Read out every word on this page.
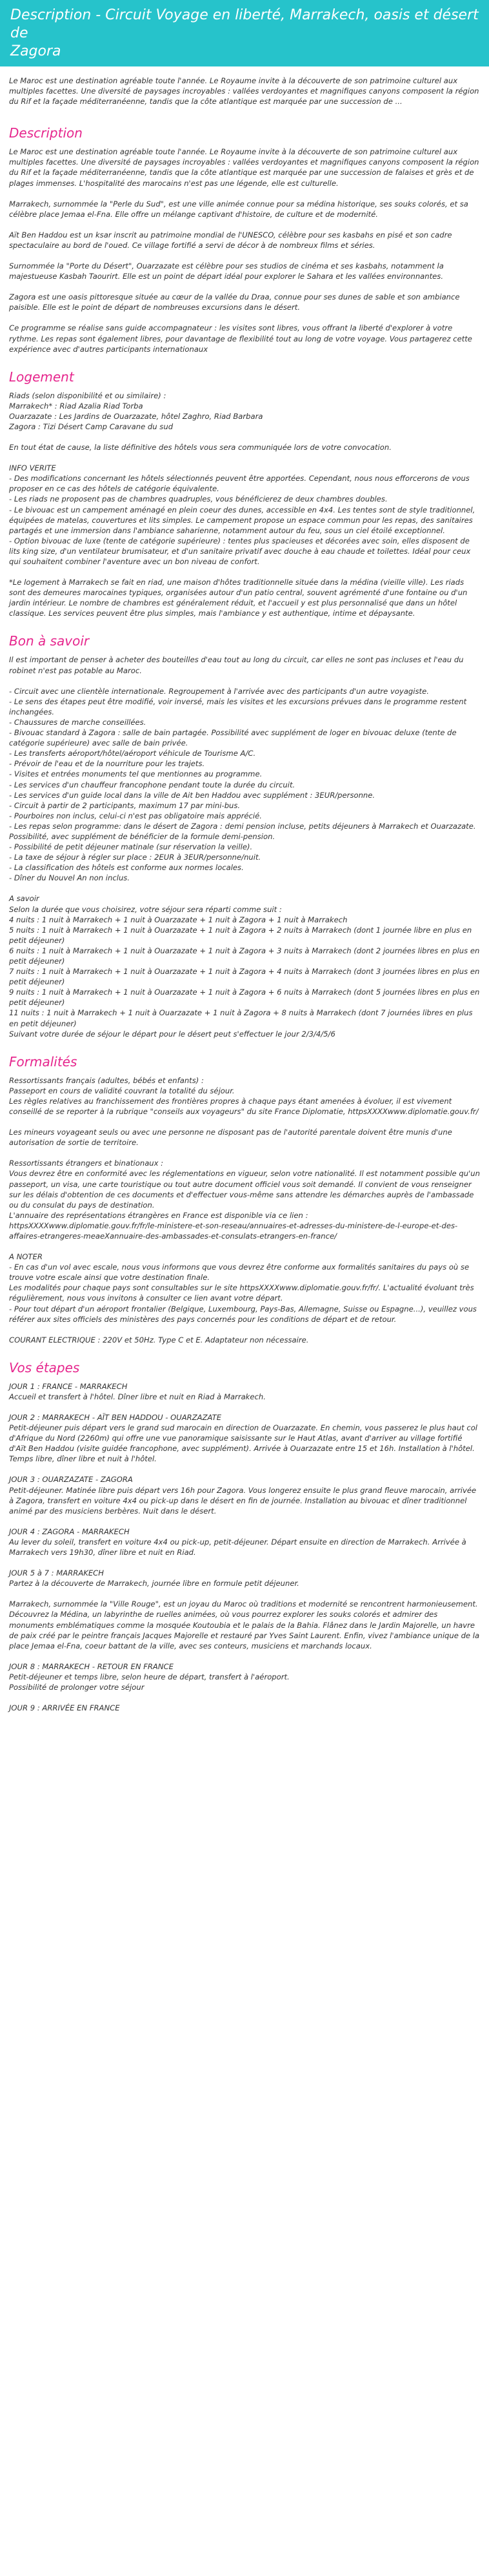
Description - Circuit Voyage en liberté, Marrakech, oasis et désert de
Zagora

Le Maroc est une destination agréable toute l'année. Le Royaume invite à la découverte de son patrimoine culturel aux multiples facettes. Une diversité de paysages incroyables : vallées verdoyantes et magnifiques canyons composent la région du Rif et la façade méditerranéenne, tandis que la côte atlantique est marquée par une succession de ...

Description
Le Maroc est une destination agréable toute l'année. Le Royaume invite à la découverte de son patrimoine culturel aux multiples facettes. Une diversité de paysages incroyables : vallées verdoyantes et magnifiques canyons composent la région du Rif et la façade méditerranéenne, tandis que la côte atlantique est marquée par une succession de falaises et grès et de plages immenses. L'hospitalité des marocains n'est pas une légende, elle est culturelle.
Marrakech, surnommée la "Perle du Sud", est une ville animée connue pour sa médina historique, ses souks colorés, et sa célèbre place Jemaa el-Fna. Elle offre un mélange captivant d'histoire, de culture et de modernité.
Aït Ben Haddou est un ksar inscrit au patrimoine mondial de l'UNESCO, célèbre pour ses kasbahs en pisé et son cadre spectaculaire au bord de l'oued. Ce village fortifié a servi de décor à de nombreux films et séries.
Surnommée la "Porte du Désert", Ouarzazate est célèbre pour ses studios de cinéma et ses kasbahs, notamment la majestueuse Kasbah Taourirt. Elle est un point de départ idéal pour explorer le Sahara et les vallées environnantes.
Zagora est une oasis pittoresque située au cœur de la vallée du Draa, connue pour ses dunes de sable et son ambiance paisible. Elle est le point de départ de nombreuses excursions dans le désert.
Ce programme se réalise sans guide accompagnateur : les visites sont libres, vous offrant la liberté d'explorer à votre rythme. Les repas sont également libres, pour davantage de flexibilité tout au long de votre voyage. Vous partagerez cette expérience avec d'autres participants internationaux
Logement
Riads (selon disponibilité et ou similaire) :
Marrakech* : Riad Azalia Riad Torba
Ouarzazate : Les Jardins de Ouarzazate, hôtel Zaghro, Riad Barbara
Zagora : Tizi Désert Camp Caravane du sud
En tout état de cause, la liste définitive des hôtels vous sera communiquée lors de votre convocation.
INFO VERITE
- Des modifications concernant les hôtels sélectionnés peuvent être apportées. Cependant, nous nous efforcerons de vous proposer en ce cas des hôtels de catégorie équivalente.
- Les riads ne proposent pas de chambres quadruples, vous bénéficierez de deux chambres doubles.
- Le bivouac est un campement aménagé en plein coeur des dunes, accessible en 4x4. Les tentes sont de style traditionnel, équipées de matelas, couvertures et lits simples. Le campement propose un espace commun pour les repas, des sanitaires partagés et une immersion dans l'ambiance saharienne, notamment autour du feu, sous un ciel étoilé exceptionnel.
- Option bivouac de luxe (tente de catégorie supérieure) : tentes plus spacieuses et décorées avec soin, elles disposent de lits king size, d'un ventilateur brumisateur, et d'un sanitaire privatif avec douche à eau chaude et toilettes. Idéal pour ceux qui souhaitent combiner l'aventure avec un bon niveau de confort.
*Le logement à Marrakech se fait en riad, une maison d'hôtes traditionnelle située dans la médina (vieille ville). Les riads sont des demeures marocaines typiques, organisées autour d'un patio central, souvent agrémenté d'une fontaine ou d'un jardin intérieur. Le nombre de chambres est généralement réduit, et l'accueil y est plus personnalisé que dans un hôtel classique. Les services peuvent être plus simples, mais l'ambiance y est authentique, intime et dépaysante.
Bon à savoir
Il est important de penser à acheter des bouteilles d'eau tout au long du circuit, car elles ne sont pas incluses et l'eau du robinet n'est pas potable au Maroc.
- Circuit avec une clientèle internationale. Regroupement à l'arrivée avec des participants d'un autre voyagiste.
- Le sens des étapes peut être modifié, voir inversé, mais les visites et les excursions prévues dans le programme restent inchangées.
- Chaussures de marche conseillées.
- Bivouac standard à Zagora : salle de bain partagée. Possibilité avec supplément de loger en bivouac deluxe (tente de catégorie supérieure) avec salle de bain privée.
- Les transferts aéroport/hôtel/aéroport véhicule de Tourisme A/C.
- Prévoir de l'eau et de la nourriture pour les trajets.
- Visites et entrées monuments tel que mentionnes au programme.
- Les services d'un chauffeur francophone pendant toute la durée du circuit.
- Les services d'un guide local dans la ville de Ait ben Haddou avec supplément : 3EUR/personne.
- Circuit à partir de 2 participants, maximum 17 par mini-bus.
- Pourboires non inclus, celui-ci n'est pas obligatoire mais apprécié.
- Les repas selon programme: dans le désert de Zagora : demi pension incluse, petits déjeuners à Marrakech et Ouarzazate. Possibilité, avec supplément de bénéficier de la formule demi-pension.
- Possibilité de petit déjeuner matinale (sur réservation la veille).
- La taxe de séjour à régler sur place : 2EUR à 3EUR/personne/nuit.
- La classification des hôtels est conforme aux normes locales.
- Dîner du Nouvel An non inclus.
A savoir
Selon la durée que vous choisirez, votre séjour sera réparti comme suit :
4 nuits : 1 nuit à Marrakech + 1 nuit à Ouarzazate + 1 nuit à Zagora + 1 nuit à Marrakech
5 nuits : 1 nuit à Marrakech + 1 nuit à Ouarzazate + 1 nuit à Zagora + 2 nuits à Marrakech (dont 1 journée libre en plus en petit déjeuner)
6 nuits : 1 nuit à Marrakech + 1 nuit à Ouarzazate + 1 nuit à Zagora + 3 nuits à Marrakech (dont 2 journées libres en plus en petit déjeuner)
7 nuits : 1 nuit à Marrakech + 1 nuit à Ouarzazate + 1 nuit à Zagora + 4 nuits à Marrakech (dont 3 journées libres en plus en petit déjeuner)
9 nuits : 1 nuit à Marrakech + 1 nuit à Ouarzazate + 1 nuit à Zagora + 6 nuits à Marrakech (dont 5 journées libres en plus en petit déjeuner)
11 nuits : 1 nuit à Marrakech + 1 nuit à Ouarzazate + 1 nuit à Zagora + 8 nuits à Marrakech (dont 7 journées libres en plus en petit déjeuner)
Suivant votre durée de séjour le départ pour le désert peut s'effectuer le jour 2/3/4/5/6
Formalités
Ressortissants français (adultes, bébés et enfants) :
Passeport en cours de validité couvrant la totalité du séjour.
Les règles relatives au franchissement des frontières propres à chaque pays étant amenées à évoluer, il est vivement conseillé de se reporter à la rubrique "conseils aux voyageurs" du site France Diplomatie, httpsXXXXwww.diplomatie.gouv.fr/
Les mineurs voyageant seuls ou avec une personne ne disposant pas de l'autorité parentale doivent être munis d'une autorisation de sortie de territoire.
Ressortissants étrangers et binationaux :
Vous devrez être en conformité avec les réglementations en vigueur, selon votre nationalité. Il est notamment possible qu'un passeport, un visa, une carte touristique ou tout autre document officiel vous soit demandé. Il convient de vous renseigner sur les délais d'obtention de ces documents et d'effectuer vous-même sans attendre les démarches auprès de l'ambassade ou du consulat du pays de destination.
L'annuaire des représentations étrangères en France est disponible via ce lien :
httpsXXXXwww.diplomatie.gouv.fr/fr/le-ministere-et-son-reseau/annuaires-et-adresses-du-ministere-de-l-europe-et-des-affaires-etrangeres-meaeXannuaire-des-ambassades-et-consulats-etrangers-en-france/
A NOTER
- En cas d'un vol avec escale, nous vous informons que vous devrez être conforme aux formalités sanitaires du pays où se trouve votre escale ainsi que votre destination finale.
Les modalités pour chaque pays sont consultables sur le site httpsXXXXwww.diplomatie.gouv.fr/fr/. L'actualité évoluant très régulièrement, nous vous invitons à consulter ce lien avant votre départ.
- Pour tout départ d'un aéroport frontalier (Belgique, Luxembourg, Pays-Bas, Allemagne, Suisse ou Espagne...), veuillez vous référer aux sites officiels des ministères des pays concernés pour les conditions de départ et de retour.
COURANT ELECTRIQUE : 220V et 50Hz. Type C et E. Adaptateur non nécessaire.
Vos étapes
JOUR 1 : FRANCE - MARRAKECH
Accueil et transfert à l'hôtel. Dîner libre et nuit en Riad à Marrakech.
JOUR 2 : MARRAKECH - AÏT BEN HADDOU - OUARZAZATE
Petit-déjeuner puis départ vers le grand sud marocain en direction de Ouarzazate. En chemin, vous passerez le plus haut col d'Afrique du Nord (2260m) qui offre une vue panoramique saisissante sur le Haut Atlas, avant d'arriver au village fortifié d'Aït Ben Haddou (visite guidée francophone, avec supplément). Arrivée à Ouarzazate entre 15 et 16h. Installation à l'hôtel. Temps libre, dîner libre et nuit à l'hôtel.
JOUR 3 : OUARZAZATE - ZAGORA
Petit-déjeuner. Matinée libre puis départ vers 16h pour Zagora. Vous longerez ensuite le plus grand fleuve marocain, arrivée à Zagora, transfert en voiture 4x4 ou pick-up dans le désert en fin de journée. Installation au bivouac et dîner traditionnel animé par des musiciens berbères. Nuit dans le désert.
JOUR 4 : ZAGORA - MARRAKECH
Au lever du soleil, transfert en voiture 4x4 ou pick-up, petit-déjeuner. Départ ensuite en direction de Marrakech. Arrivée à Marrakech vers 19h30, dîner libre et nuit en Riad.
JOUR 5 à 7 : MARRAKECH
Partez à la découverte de Marrakech, journée libre en formule petit déjeuner.
Marrakech, surnommée la "Ville Rouge", est un joyau du Maroc où traditions et modernité se rencontrent harmonieusement. Découvrez la Médina, un labyrinthe de ruelles animées, où vous pourrez explorer les souks colorés et admirer des monuments emblématiques comme la mosquée Koutoubia et le palais de la Bahia. Flânez dans le Jardin Majorelle, un havre de paix créé par le peintre français Jacques Majorelle et restauré par Yves Saint Laurent. Enfin, vivez l'ambiance unique de la place Jemaa el-Fna, coeur battant de la ville, avec ses conteurs, musiciens et marchands locaux.
JOUR 8 : MARRAKECH - RETOUR EN FRANCE
Petit-déjeuner et temps libre, selon heure de départ, transfert à l'aéroport.
Possibilité de prolonger votre séjour
JOUR 9 : ARRIVÉE EN FRANCE
